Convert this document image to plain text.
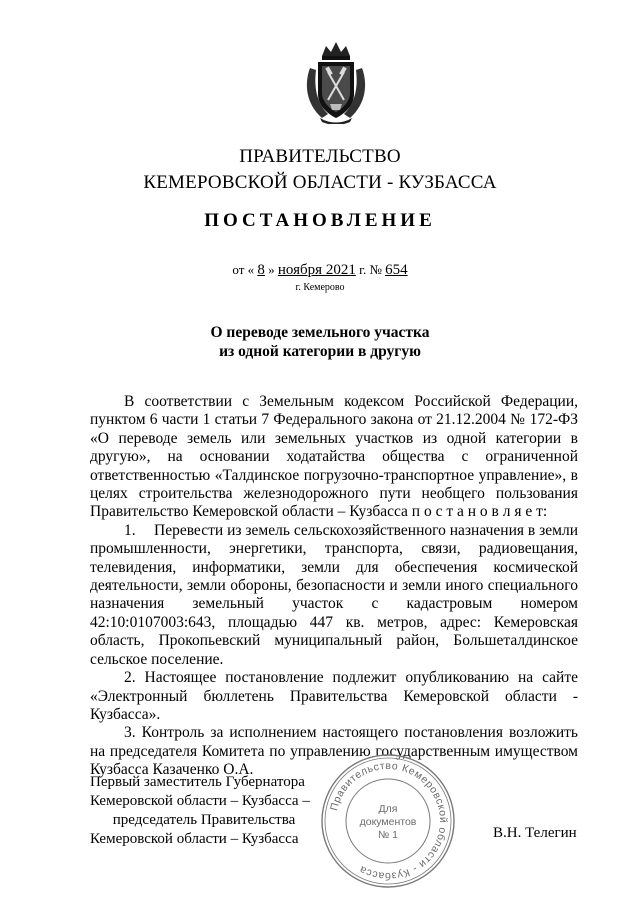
ПРАВИТЕЛЬСТВО
КЕМЕРОВСКОЙ ОБЛАСТИ - КУЗБАССА
ПОСТАНОВЛЕНИЕ
от « 8 » ноября 2021 г. № 654
г. Кемерово
О переводе земельного участка
из одной категории в другую

В соответствии с Земельным кодексом Российской Федерации, пунктом 6 части 1 статьи 7 Федерального закона от 21.12.2004 № 172-ФЗ «О переводе земель или земельных участков из одной категории в другую», на основании ходатайства общества с ограниченной ответственностью «Талдинское погрузочно-транспортное управление», в целях строительства железнодорожного пути необщего пользования Правительство Кемеровской области – Кузбасса п о с т а н о в л я е т:

1. Перевести из земель сельскохозяйственного назначения в земли промышленности, энергетики, транспорта, связи, радиовещания, телевидения, информатики, земли для обеспечения космической деятельности, земли обороны, безопасности и земли иного специального назначения земельный участок с кадастровым номером 42:10:0107003:643, площадью 447 кв. метров, адрес: Кемеровская область, Прокопьевский муниципальный район, Большеталдинское сельское поселение.

2. Настоящее постановление подлежит опубликованию на сайте «Электронный бюллетень Правительства Кемеровской области - Кузбасса».

3. Контроль за исполнением настоящего постановления возложить на председателя Комитета по управлению государственным имуществом Кузбасса Казаченко О.А.

Первый заместитель Губернатора
Кемеровской области – Кузбасса –
председатель Правительства
Кемеровской области – Кузбасса
Правительство Кемеровской области - Кузбасса
Для
документов
№ 1	В.Н. Телегин
